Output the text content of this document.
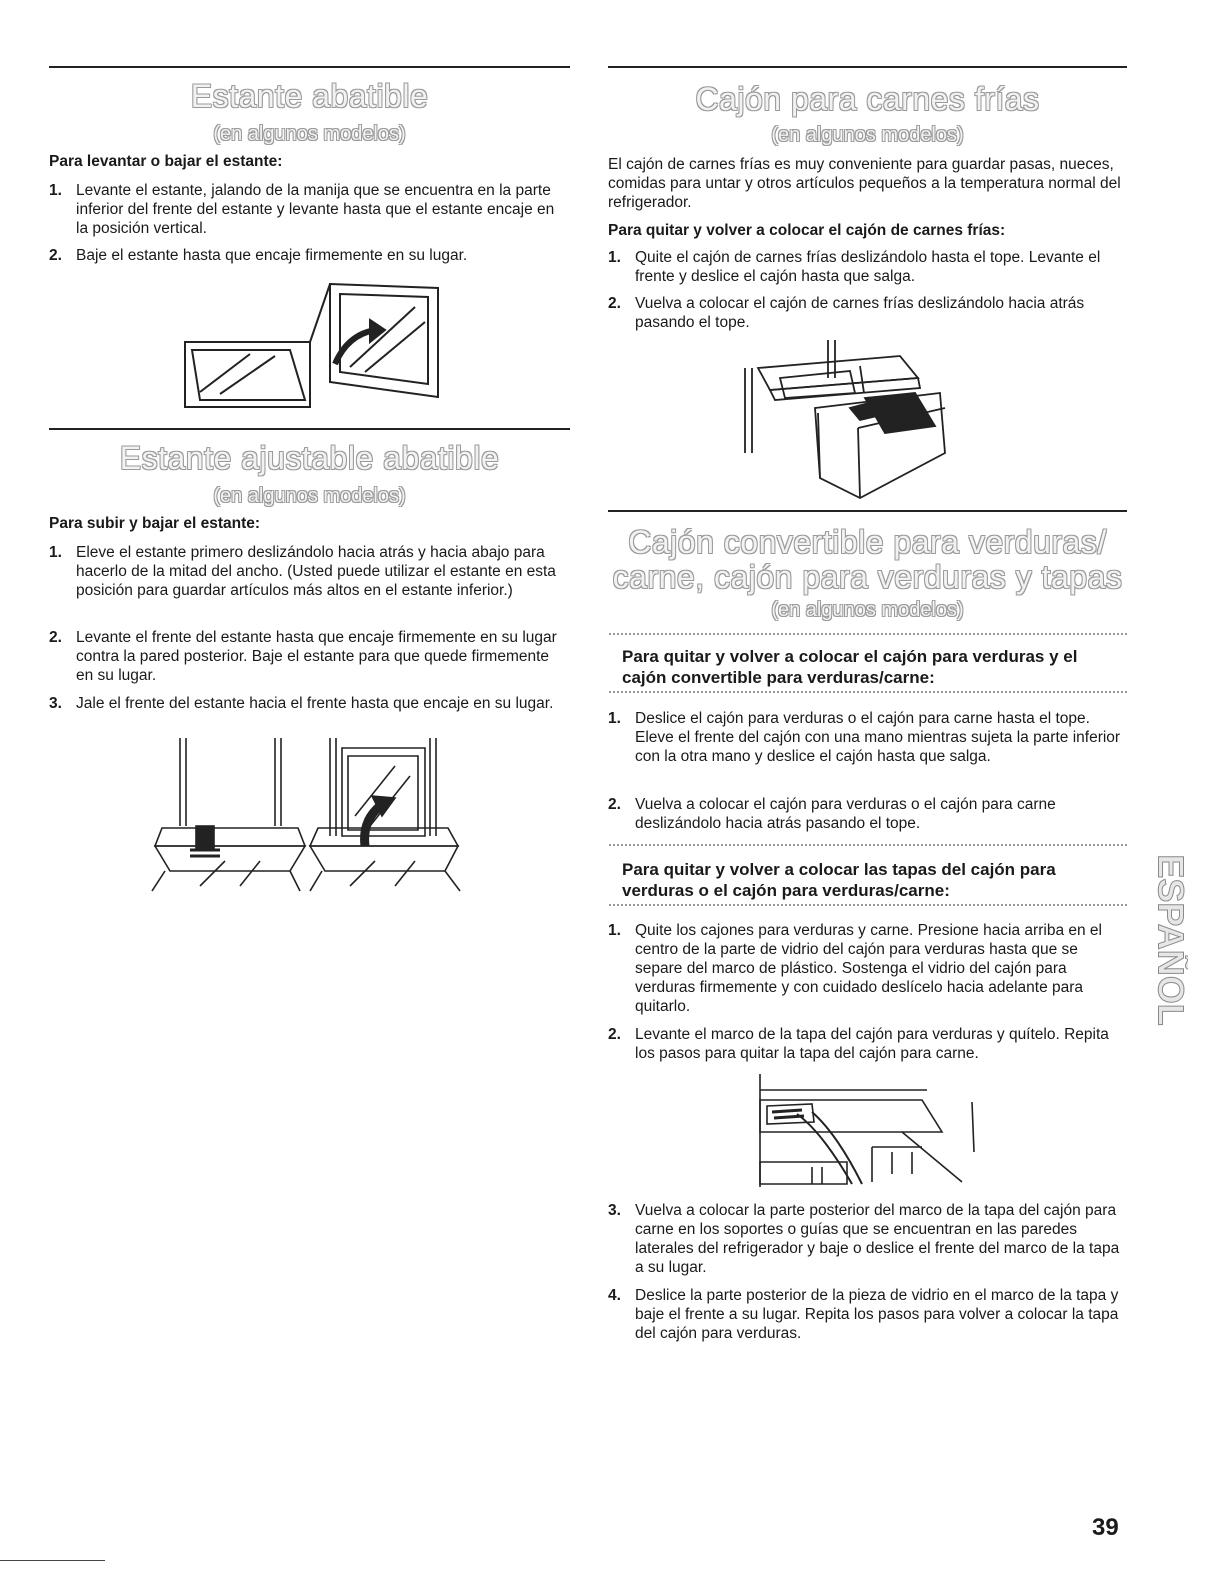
Estante abatible

(en algunos modelos)

Para levantar o bajar el estante:

1. Levante el estante, jalando de la manija que se encuentra en la parte inferior del frente del estante y levante hasta que el estante encaje en la posición vertical.
2. Baje el estante hasta que encaje firmemente en su lugar.
Estante ajustable abatible

(en algunos modelos)

Para subir y bajar el estante:

1. Eleve el estante primero deslizándolo hacia atrás y hacia abajo para hacerlo de la mitad del ancho. (Usted puede utilizar el estante en esta posición para guardar artículos más altos en el estante inferior.)
2. Levante el frente del estante hasta que encaje firmemente en su lugar contra la pared posterior. Baje el estante para que quede firmemente en su lugar.
3. Jale el frente del estante hacia el frente hasta que encaje en su lugar.
Cajón para carnes frías

(en algunos modelos)

El cajón de carnes frías es muy conveniente para guardar pasas, nueces, comidas para untar y otros artículos pequeños a la temperatura normal del refrigerador.

Para quitar y volver a colocar el cajón de carnes frías:

1. Quite el cajón de carnes frías deslizándolo hasta el tope. Levante el frente y deslice el cajón hasta que salga.
2. Vuelva a colocar el cajón de carnes frías deslizándolo hacia atrás pasando el tope.
Cajón convertible para verduras/
carne, cajón para verduras y tapas

(en algunos modelos)

Para quitar y volver a colocar el cajón para verduras y el cajón convertible para verduras/carne:

1. Deslice el cajón para verduras o el cajón para carne hasta el tope. Eleve el frente del cajón con una mano mientras sujeta la parte inferior con la otra mano y deslice el cajón hasta que salga.
2. Vuelva a colocar el cajón para verduras o el cajón para carne deslizándolo hacia atrás pasando el tope.

Para quitar y volver a colocar las tapas del cajón para verduras o el cajón para verduras/carne:

1. Quite los cajones para verduras y carne. Presione hacia arriba en el centro de la parte de vidrio del cajón para verduras hasta que se separe del marco de plástico. Sostenga el vidrio del cajón para verduras firmemente y con cuidado deslícelo hacia adelante para quitarlo.
2. Levante el marco de la tapa del cajón para verduras y quítelo. Repita los pasos para quitar la tapa del cajón para carne.
3. Vuelva a colocar la parte posterior del marco de la tapa del cajón para carne en los soportes o guías que se encuentran en las paredes laterales del refrigerador y baje o deslice el frente del marco de la tapa a su lugar.
4. Deslice la parte posterior de la pieza de vidrio en el marco de la tapa y baje el frente a su lugar. Repita los pasos para volver a colocar la tapa del cajón para verduras.
ESPAÑOL

39
